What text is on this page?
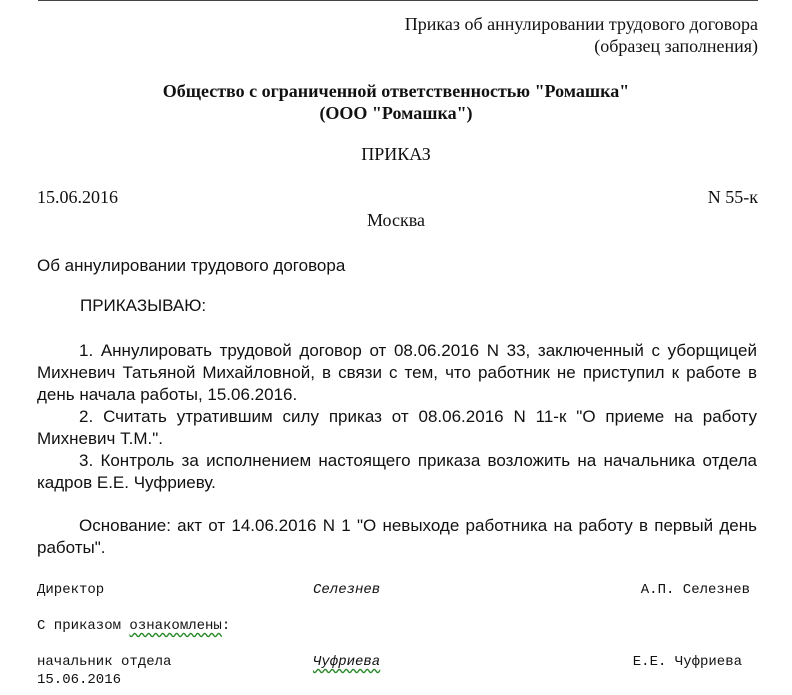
Приказ об аннулировании трудового договора
(образец заполнения)
Общество с ограниченной ответственностью "Ромашка"
(ООО "Ромашка")
ПРИКАЗ
15.06.2016	N 55-к
Москва
Об аннулировании трудового договора
ПРИКАЗЫВАЮ:

1. Аннулировать трудовой договор от 08.06.2016 N 33, заключенный с уборщицей Михневич Татьяной Михайловной, в связи с тем, что работник не приступил к работе в день начала работы, 15.06.2016.

2. Считать утратившим силу приказ от 08.06.2016 N 11-к "О приеме на работу Михневич Т.М.".

3. Контроль за исполнением настоящего приказа возложить на начальника отдела кадров Е.Е. Чуфриеву.

Основание: акт от 14.06.2016 N 1 "О невыходе работника на работу в первый день работы".

Директор	Селезнев	А.П. Селезнев
С приказом ознакомлены:
начальник отдела	Чуфриева	Е.Е. Чуфриева
15.06.2016
